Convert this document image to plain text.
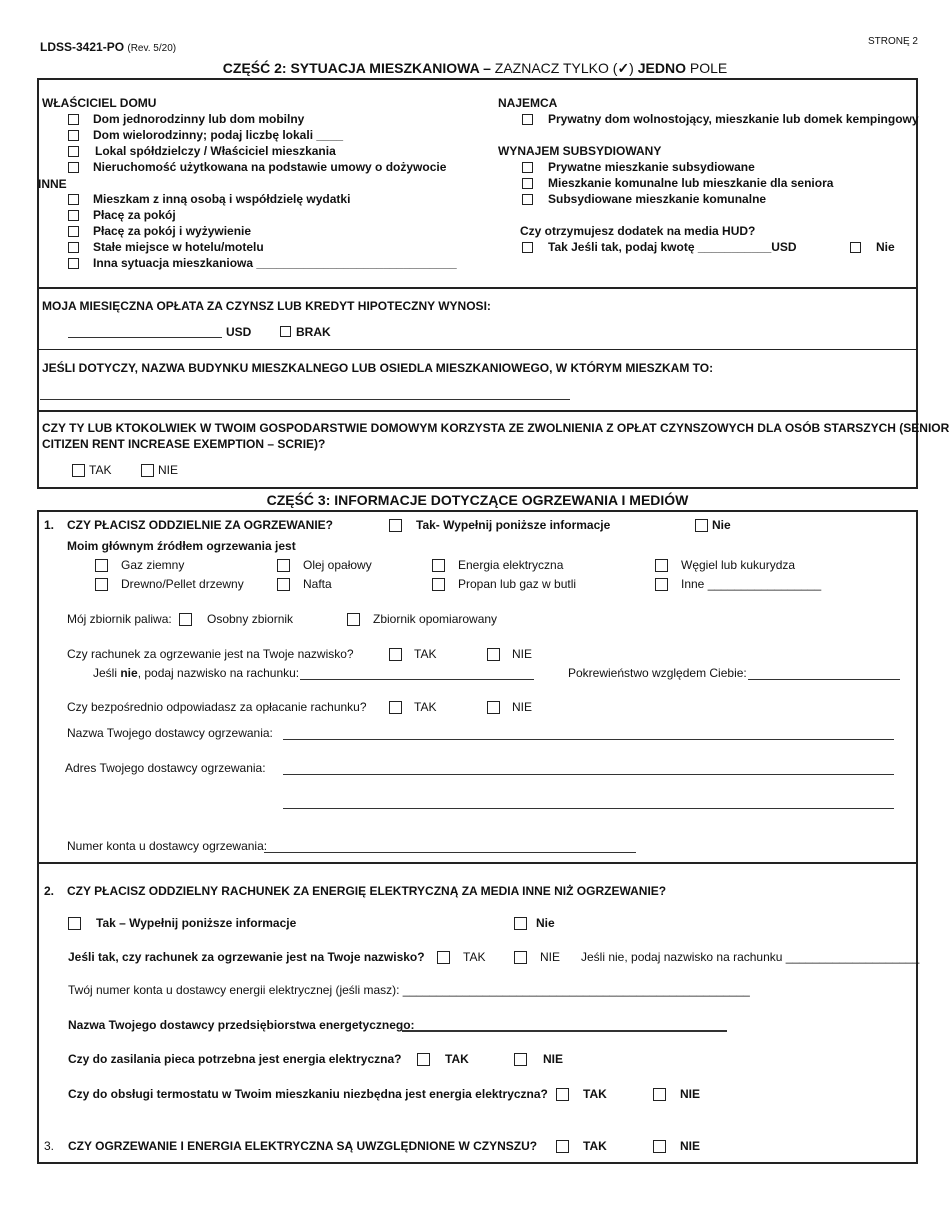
LDSS-3421-PO (Rev. 5/20)
STRONĘ 2
CZĘŚĆ 2: SYTUACJA MIESZKANIOWA – ZAZNACZ TYLKO (✓) JEDNO POLE
WŁAŚCICIEL DOMU
Dom jednorodzinny lub dom mobilny
Dom wielorodzinny; podaj liczbę lokali ____
Lokal spółdzielczy / Właściciel mieszkania
Nieruchomość użytkowana na podstawie umowy o dożywocie
INNE
Mieszkam z inną osobą i współdzielę wydatki
Płacę za pokój
Płacę za pokój i wyżywienie
Stałe miejsce w hotelu/motelu
Inna sytuacja mieszkaniowa ______________________________
NAJEMCA
Prywatny dom wolnostojący, mieszkanie lub domek kempingowy
WYNAJEM SUBSYDIOWANY
Prywatne mieszkanie subsydiowane
Mieszkanie komunalne lub mieszkanie dla seniora
Subsydiowane mieszkanie komunalne
Czy otrzymujesz dodatek na media HUD?
Tak Jeśli tak, podaj kwotę ___________USD	Nie
MOJA MIESIĘCZNA OPŁATA ZA CZYNSZ LUB KREDYT HIPOTECZNY WYNOSI:
USD	BRAK
JEŚLI DOTYCZY, NAZWA BUDYNKU MIESZKALNEGO LUB OSIEDLA MIESZKANIOWEGO, W KTÓRYM MIESZKAM TO:
CZY TY LUB KTOKOLWIEK W TWOIM GOSPODARSTWIE DOMOWYM KORZYSTA ZE ZWOLNIENIA Z OPŁAT CZYNSZOWYCH DLA OSÓB STARSZYCH (SENIOR
CITIZEN RENT INCREASE EXEMPTION – SCRIE)?
TAK	NIE
CZĘŚĆ 3: INFORMACJE DOTYCZĄCE OGRZEWANIA I MEDIÓW
1. CZY PŁACISZ ODDZIELNIE ZA OGRZEWANIE?	Tak- Wypełnij poniższe informacje	Nie
Moim głównym źródłem ogrzewania jest
Gaz ziemny	Olej opałowy	Energia elektryczna	Węgiel lub kukurydza
Drewno/Pellet drzewny	Nafta	Propan lub gaz w butli	Inne _________________
Mój zbiornik paliwa:	Osobny zbiornik	Zbiornik opomiarowany
Czy rachunek za ogrzewanie jest na Twoje nazwisko?	TAK	NIE
Jeśli nie, podaj nazwisko na rachunku:	Pokrewieństwo względem Ciebie:
Czy bezpośrednio odpowiadasz za opłacanie rachunku?	TAK	NIE
Nazwa Twojego dostawcy ogrzewania:
Adres Twojego dostawcy ogrzewania:
Numer konta u dostawcy ogrzewania:
2. CZY PŁACISZ ODDZIELNY RACHUNEK ZA ENERGIĘ ELEKTRYCZNĄ ZA MEDIA INNE NIŻ OGRZEWANIE?
Tak – Wypełnij poniższe informacje	Nie
Jeśli tak, czy rachunek za ogrzewanie jest na Twoje nazwisko?	TAK	NIE Jeśli nie, podaj nazwisko na rachunku ____________________
Twój numer konta u dostawcy energii elektrycznej (jeśli masz): ____________________________________________________
Nazwa Twojego dostawcy przedsiębiorstwa energetycznego:
Czy do zasilania pieca potrzebna jest energia elektryczna?	TAK	NIE
Czy do obsługi termostatu w Twoim mieszkaniu niezbędna jest energia elektryczna?	TAK	NIE
3. CZY OGRZEWANIE I ENERGIA ELEKTRYCZNA SĄ UWZGLĘDNIONE W CZYNSZU?	TAK	NIE
